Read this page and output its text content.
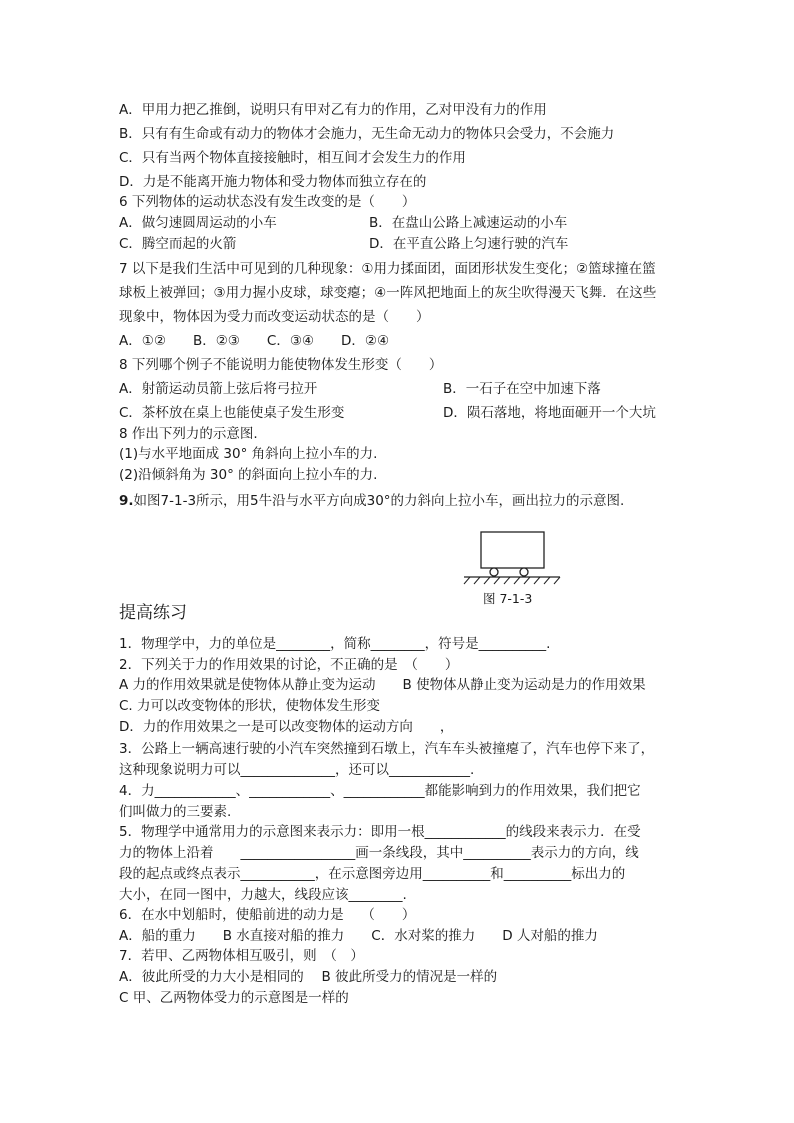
A．甲用力把乙推倒，说明只有甲对乙有力的作用，乙对甲没有力的作用
B．只有有生命或有动力的物体才会施力，无生命无动力的物体只会受力，不会施力
C．只有当两个物体直接接触时，相互间才会发生力的作用
D．力是不能离开施力物体和受力物体而独立存在的
6 下列物体的运动状态没有发生改变的是（　　）
A．做匀速圆周运动的小车	B．在盘山公路上减速运动的小车
C．腾空而起的火箭	D．在平直公路上匀速行驶的汽车
7 以下是我们生活中可见到的几种现象：①用力揉面团，面团形状发生变化；②篮球撞在篮
球板上被弹回；③用力握小皮球，球变瘪；④一阵风把地面上的灰尘吹得漫天飞舞．在这些
现象中，物体因为受力而改变运动状态的是（　　）
A．①②　　B．②③　　C．③④　　D．②④
8 下列哪个例子不能说明力能使物体发生形变（　　）
A．射箭运动员箭上弦后将弓拉开	B．一石子在空中加速下落
C．茶杯放在桌上也能使桌子发生形变	D．陨石落地，将地面砸开一个大坑
8 作出下列力的示意图.
(1)与水平地面成 30° 角斜向上拉小车的力.
(2)沿倾斜角为 30° 的斜面向上拉小车的力.
9.如图7-1-3所示，用5牛沿与水平方向成30°的力斜向上拉小车，画出拉力的示意图.
图 7-1-3
提高练习
1．物理学中，力的单位是________，简称________，符号是__________.
2．下列关于力的作用效果的讨论，不正确的是　（　　）
A 力的作用效果就是使物体从静止变为运动　　B 使物体从静止变为运动是力的作用效果
C. 力可以改变物体的形状，使物体发生形变
D．力的作用效果之一是可以改变物体的运动方向　　，
3．公路上一辆高速行驶的小汽车突然撞到石墩上，汽车车头被撞瘪了，汽车也停下来了，
这种现象说明力可以______________，还可以____________.
4．力____________、____________、____________都能影响到力的作用效果，我们把它
们叫做力的三要素.
5．物理学中通常用力的示意图来表示力：即用一根____________的线段来表示力．在受
力的物体上沿着　　_________________画一条线段，其中__________表示力的方向，线
段的起点或终点表示___________，在示意图旁边用__________和__________标出力的
大小，在同一图中，力越大，线段应该________.
6．在水中划船时，使船前进的动力是　 （　　）
A．船的重力　　B 水直接对船的推力　　C．水对桨的推力　　D 人对船的推力
7．若甲、乙两物体相互吸引，则　（　）
A．彼此所受的力大小是相同的　 B 彼此所受力的情况是一样的
C 甲、乙两物体受力的示意图是一样的
